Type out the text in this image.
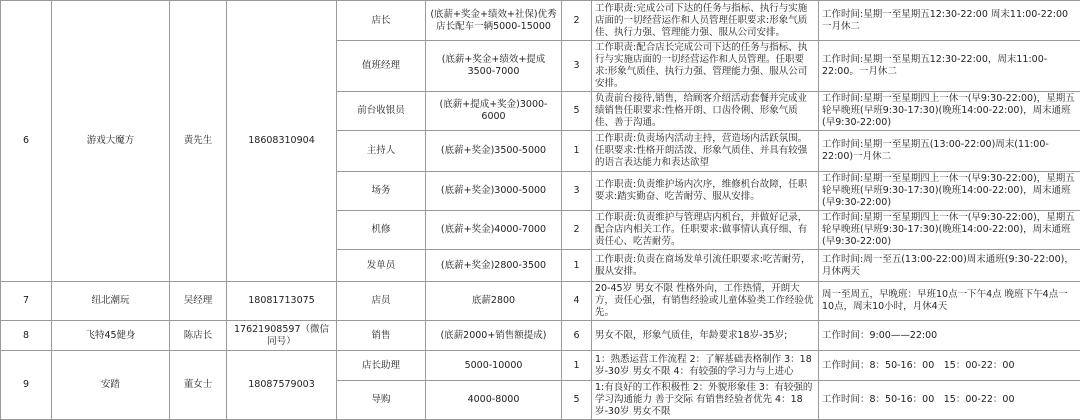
6	游戏大魔方	黄先生	18608310904	店长	(底薪+奖金+绩效+社保)优秀店长配车一辆5000-15000	2	工作职责:完成公司下达的任务与指标、执行与实施店面的一切经营运作和人员管理任职要求:形象气质佳、执行力强、管理能力强、服从公司安排。	工作时间:星期一至星期五12:30-22:00 周末11:00-22:00 一月休二
				值班经理	(底薪+奖金+绩效+提成3500-7000	3	工作职责:配合店长完成公司下达的任务与指标、执行与实施店面的一切经营运作和人员管理。任职要求:形象气质佳、执行力强、管理能力强、服从公司安排。	工作时间:星期一至星期五12:30-22:00，周末11:00-22:00。一月休二
				前台收银员	(底薪+提成+奖金)3000-6000	5	负责前台接待,销售，给顾客介绍活动套餐并完成业绩销售任职要求:性格开朗、口齿伶俐、形象气质佳、善于沟通。	工作时间:星期一至星期四上一休一(早9:30-22:00)，星期五轮早晚班(早班9:30-17:30)(晚班14:00-22:00)，周末通班(早9:30-22:00)
				主持人	(底薪+奖金)3500-5000	1	工作职责:负责场内活动主持，营造场内活跃氛围。任职要求:性格开朗活泼、形象气质佳、并具有较强的语言表达能力和表达欲望	工作时间:星期一至星期五(13:00-22:00)周末(11:00-22:00)一月休二
				场务	(底薪+奖金)3000-5000	3	工作职责:负责维护场内次序，维修机台故障，任职要求:踏实勤奋、吃苦耐劳、服从安排。	工作时间:星期一至星期四上一休一(早9:30-22:00)，星期五轮早晚班(早班9:30-17:30)(晚班14:00-22:00)，周末通班(早9:30-22:00)
				机修	(底薪+奖金)4000-7000	2	工作职责:负责维护与管理店内机台，并做好记录，配合店内相关工作。任职要求:做事情认真仔细、有责任心、吃苦耐劳。	工作时间:星期一至星期四上一休一(早9:30-22:00)，星期五轮早晚班(早班9:30-17:30)(晚班14:00-22:00)，周末通班(早9:30-22:00)
				发单员	(底薪+奖金)2800-3500	1	工作职责:负责在商场发单引流任职要求:吃苦耐劳，服从安排。	工作时间:周一至五(13:00-22:00)周末通班(9:30-22:00)，月休两天
7	纽北潮玩	吴经理	18081713075	店员	底薪2800	4	20-45岁 男女不限 性格外向，工作热情，开朗大方，责任心强，有销售经验或儿童体验类工作经验优先。	周一至周五，早晚班：早班10点一下午4点 晚班下午4点一10点，周末10小时，月休4天
8	飞特45健身	陈店长	17621908597（微信同号）	销售	(底薪2000+销售额提成)	6	男女不限，形象气质佳，年龄要求18岁-35岁;	工作时间：9:00——22:00
9	安踏	董女士	18087579003	店长助理	5000-10000	1	1：熟悉运营工作流程 2：了解基础表格制作 3：18岁-30岁 男女不限 4：有较强的学习力与上进心	工作时间：8：50-16：00　15：00-22：00
				导购	4000-8000	5	1:有良好的工作积极性 2：外貌形象佳 3：有较强的学习沟通能力 善于交际 有销售经验者优先 4：18岁-30岁 男女不限	工作时间：8：50-16：00　15：00-22：00
